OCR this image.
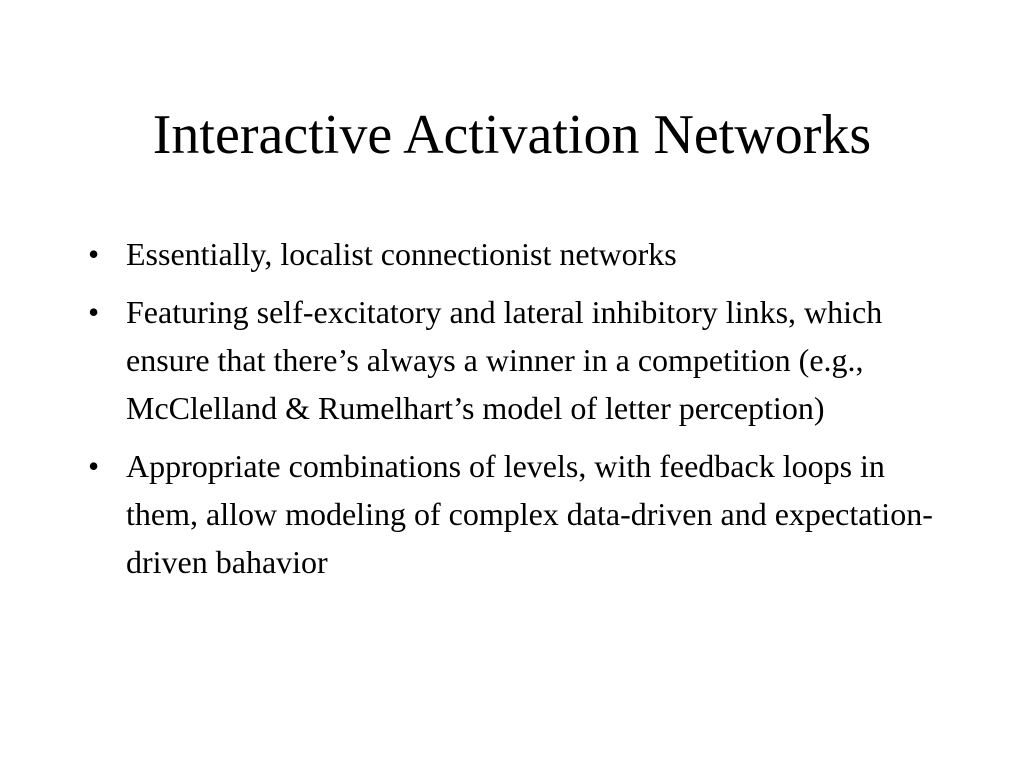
Interactive Activation Networks
• Essentially, localist connectionist networks
• Featuring self-excitatory and lateral inhibitory links, which ensure that there’s always a winner in a competition (e.g., McClelland & Rumelhart’s model of letter perception)
• Appropriate combinations of levels, with feedback loops in them, allow modeling of complex data-driven and expectation-driven bahavior
